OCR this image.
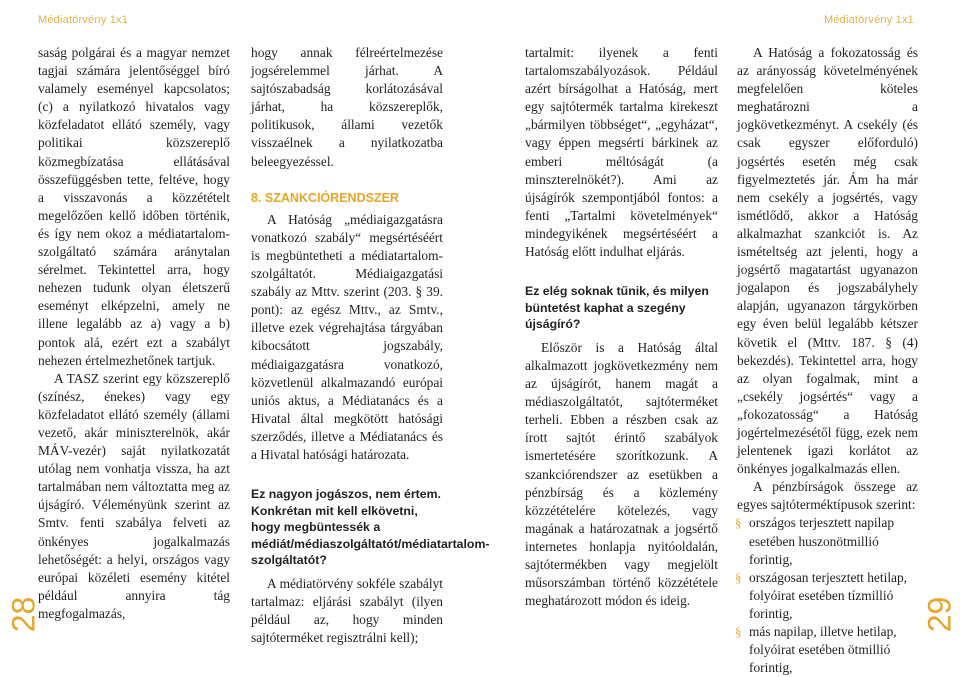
Médiatörvény 1x1	Médiatörvény 1x1
28	29

saság polgárai és a magyar nemzet tagjai számára jelentőséggel bíró valamely eseményel kapcsolatos; (c) a nyilatkozó hivatalos vagy közfeladatot ellátó személy, vagy politikai közszereplő közmegbízatása ellátásával összefüggésben tette, feltéve, hogy a visszavonás a közzétételt megelőzően kellő időben történik, és így nem okoz a médiatartalom-szolgáltató számára aránytalan sérelmet. Tekintettel arra, hogy nehezen tudunk olyan életszerű eseményt elképzelni, amely ne illene legalább az a) vagy a b) pontok alá, ezért ezt a szabályt nehezen értelmezhetőnek tartjuk.

A TASZ szerint egy közszereplő (színész, énekes) vagy egy közfeladatot ellátó személy (állami vezető, akár miniszterelnök, akár MÁV-vezér) saját nyilatkozatát utólag nem vonhatja vissza, ha azt tartalmában nem változtatta meg az újságíró. Véleményünk szerint az Smtv. fenti szabálya felveti az önkényes jogalkalmazás lehetőségét: a helyi, országos vagy európai közéleti esemény kitétel például annyira tág megfogalmazás,

hogy annak félreértelmezése jogsérelemmel járhat. A sajtószabadság korlátozásával járhat, ha közszereplők, politikusok, állami vezetők visszaélnek a nyilatkozatba beleegyezéssel.

8. SZANKCIÓRENDSZER

A Hatóság „médiaigazgatásra vonatkozó szabály“ megsértéséért is megbüntetheti a médiatartalom-szolgáltatót. Médiaigazgatási szabály az Mttv. szerint (203. § 39. pont): az egész Mttv., az Smtv., illetve ezek végrehajtása tárgyában kibocsátott jogszabály, médiaigazgatásra vonatkozó, közvetlenül alkalmazandó európai uniós aktus, a Médiatanács és a Hivatal által megkötött hatósági szerződés, illetve a Médiatanács és a Hivatal hatósági határozata.

Ez nagyon jogászos, nem értem. Konkrétan mit kell elkövetni, hogy megbüntessék a médiát/médiaszolgáltatót/médiatartalom-szolgáltatót?

A médiatörvény sokféle szabályt tartalmaz: eljárási szabályt (ilyen például az, hogy minden sajtóterméket regisztrálni kell);

tartalmit: ilyenek a fenti tartalomszabályozások. Például azért bírságolhat a Hatóság, mert egy sajtótermék tartalma kirekeszt „bármilyen többséget“, „egyházat“, vagy éppen megsérti bárkinek az emberi méltóságát (a minszterelnökét?). Ami az újságírók szempontjából fontos: a fenti „Tartalmi követelmények“ mindegyikének megsértéséért a Hatóság előtt indulhat eljárás.

Ez elég soknak tűnik, és milyen büntetést kaphat a szegény újságíró?

Először is a Hatóság által alkalmazott jogkövetkezmény nem az újságírót, hanem magát a médiaszolgáltatót, sajtóterméket terheli. Ebben a részben csak az írott sajtót érintő szabályok ismertetésére szorítkozunk. A szankciórendszer az esetükben a pénzbírság és a közlemény közzétételére kötelezés, vagy magának a határozatnak a jogsértő internetes honlapja nyitóoldalán, sajtótermékben vagy megjelölt műsorszámban történő közzététele meghatározott módon és ideig.

A Hatóság a fokozatosság és az arányosság követelményének megfelelően köteles meghatározni a jogkövetkezményt. A csekély (és csak egyszer előforduló) jogsértés esetén még csak figyelmeztetés jár. Ám ha már nem csekély a jogsértés, vagy ismétlődő, akkor a Hatóság alkalmazhat szankciót is. Az ismételtség azt jelenti, hogy a jogsértő magatartást ugyanazon jogalapon és jogszabályhely alapján, ugyanazon tárgykörben egy éven belül legalább kétszer követik el (Mttv. 187. § (4) bekezdés). Tekintettel arra, hogy az olyan fogalmak, mint a „csekély jogsértés“ vagy a „fokozatosság“ a Hatóság jogértelmezésétől függ, ezek nem jelentenek igazi korlátot az önkényes jogalkalmazás ellen.

A pénzbírságok összege az egyes sajtóterméktípusok szerint:

§ országos terjesztett napilap esetében huszonötmillió forintig,
§ országosan terjesztett hetilap, folyóirat esetében tízmillió forintig,
§ más napilap, illetve hetilap, folyóirat esetében ötmillió forintig,
